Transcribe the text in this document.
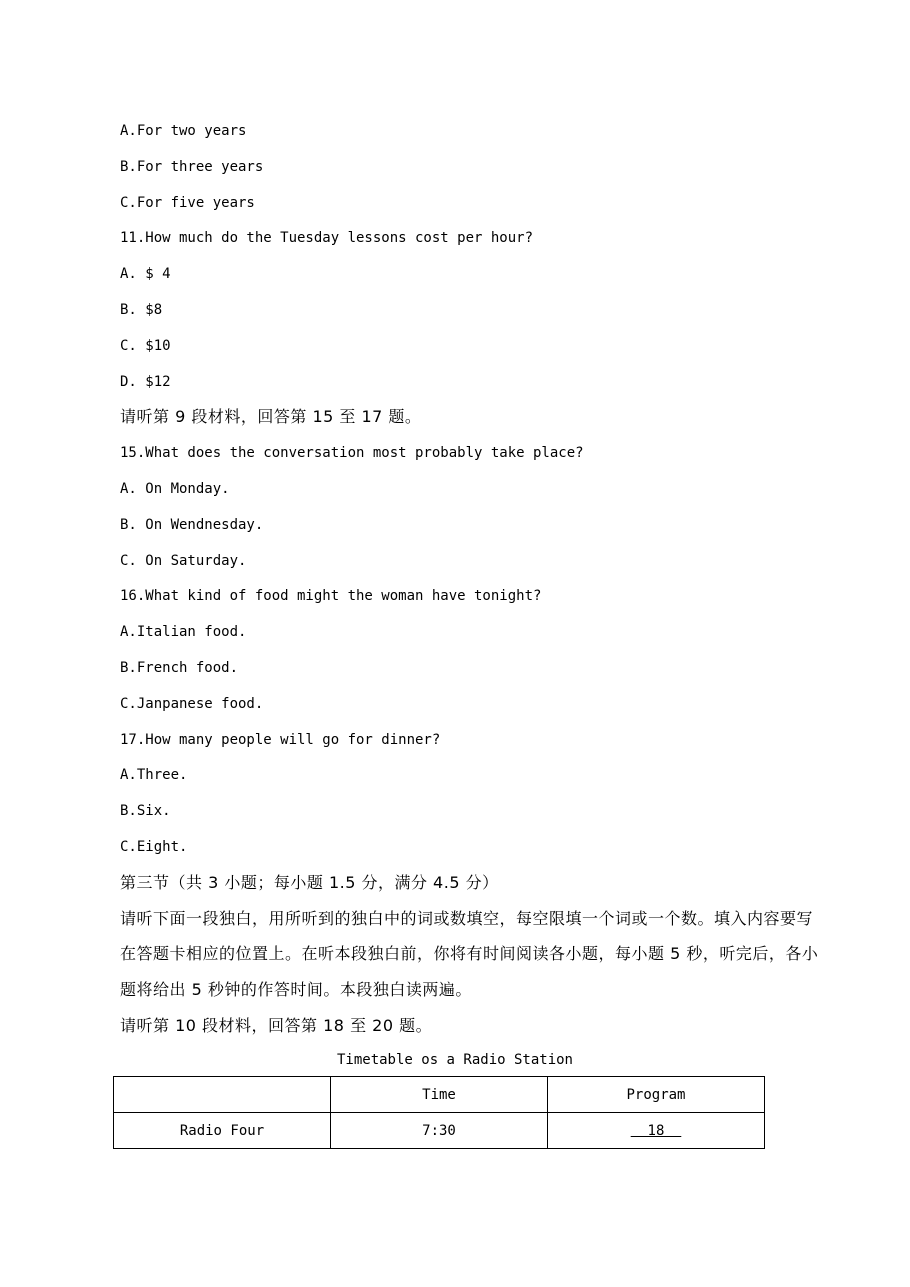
A.For two years

B.For three years

C.For five years

11.How much do the Tuesday lessons cost per hour?

A. $ 4

B. $8

C. $10

D. $12

请听第 9 段材料，回答第 15 至 17 题。

15.What does the conversation most probably take place?

A. On Monday.

B. On Wendnesday.

C. On Saturday.

16.What kind of food might the woman have tonight?

A.Italian food.

B.French food.

C.Janpanese food.

17.How many people will go for dinner?

A.Three.

B.Six.

C.Eight.

第三节（共 3 小题；每小题 1.5 分，满分 4.5 分）

请听下面一段独白，用所听到的独白中的词或数填空，每空限填一个词或一个数。填入内容要写

在答题卡相应的位置上。在听本段独白前，你将有时间阅读各小题，每小题 5 秒，听完后，各小

题将给出 5 秒钟的作答时间。本段独白读两遍。

请听第 10 段材料，回答第 18 至 20 题。

Timetable os a Radio Station
	Time	Program
Radio Four	7:30	18
